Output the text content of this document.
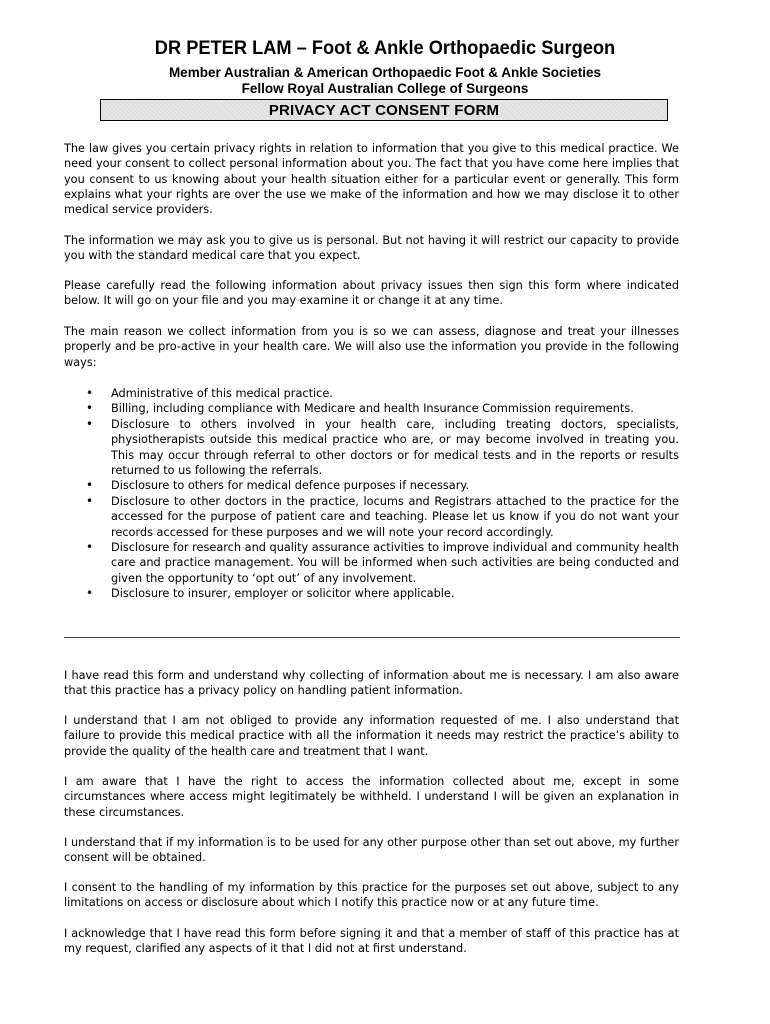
DR PETER LAM – Foot & Ankle Orthopaedic Surgeon
Member Australian & American Orthopaedic Foot & Ankle Societies
Fellow Royal Australian College of Surgeons
PRIVACY ACT CONSENT FORM

The law gives you certain privacy rights in relation to information that you give to this medical practice. We need your consent to collect personal information about you. The fact that you have come here implies that you consent to us knowing about your health situation either for a particular event or generally. This form explains what your rights are over the use we make of the information and how we may disclose it to other medical service providers.

The information we may ask you to give us is personal. But not having it will restrict our capacity to provide you with the standard medical care that you expect.

Please carefully read the following information about privacy issues then sign this form where indicated below. It will go on your file and you may examine it or change it at any time.

The main reason we collect information from you is so we can assess, diagnose and treat your illnesses properly and be pro-active in your health care. We will also use the information you provide in the following ways:

• Administrative of this medical practice.
• Billing, including compliance with Medicare and health Insurance Commission requirements.
• Disclosure to others involved in your health care, including treating doctors, specialists, physiotherapists outside this medical practice who are, or may become involved in treating you. This may occur through referral to other doctors or for medical tests and in the reports or results returned to us following the referrals.
• Disclosure to others for medical defence purposes if necessary.
• Disclosure to other doctors in the practice, locums and Registrars attached to the practice for the accessed for the purpose of patient care and teaching. Please let us know if you do not want your records accessed for these purposes and we will note your record accordingly.
• Disclosure for research and quality assurance activities to improve individual and community health care and practice management. You will be informed when such activities are being conducted and given the opportunity to ‘opt out’ of any involvement.
• Disclosure to insurer, employer or solicitor where applicable.

I have read this form and understand why collecting of information about me is necessary. I am also aware that this practice has a privacy policy on handling patient information.

I understand that I am not obliged to provide any information requested of me. I also understand that failure to provide this medical practice with all the information it needs may restrict the practice’s ability to provide the quality of the health care and treatment that I want.

I am aware that I have the right to access the information collected about me, except in some circumstances where access might legitimately be withheld. I understand I will be given an explanation in these circumstances.

I understand that if my information is to be used for any other purpose other than set out above, my further consent will be obtained.

I consent to the handling of my information by this practice for the purposes set out above, subject to any limitations on access or disclosure about which I notify this practice now or at any future time.

I acknowledge that I have read this form before signing it and that a member of staff of this practice has at my request, clarified any aspects of it that I did not at first understand.
